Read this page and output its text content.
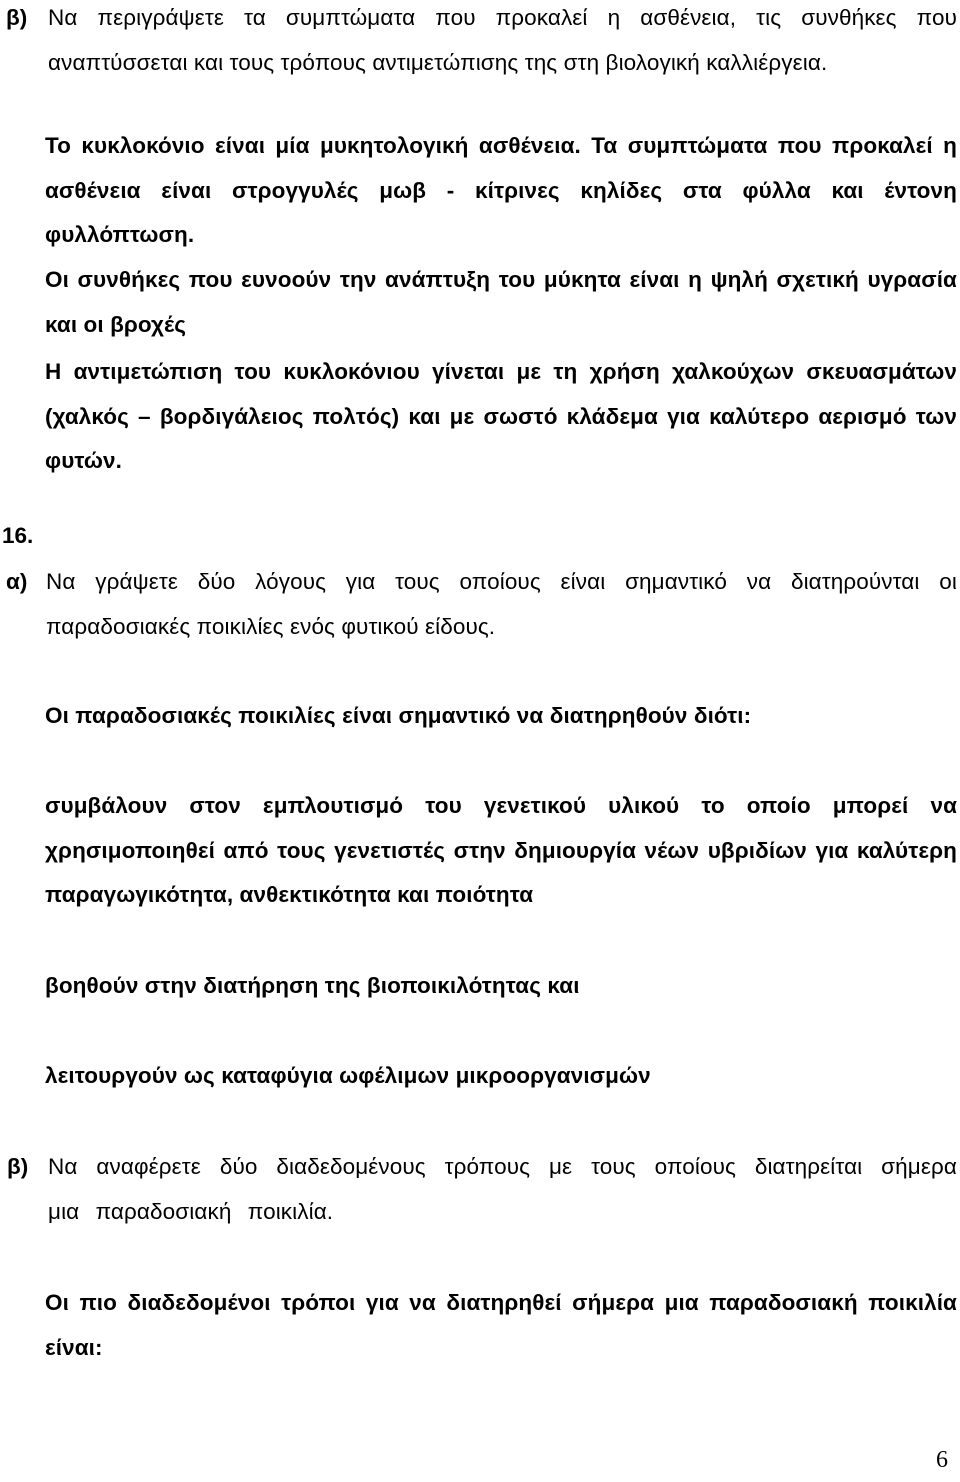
β) Να περιγράψετε τα συμπτώματα που προκαλεί η ασθένεια, τις συνθήκες που αναπτύσσεται και τους τρόπους αντιμετώπισης της στη βιολογική καλλιέργεια.
Το κυκλοκόνιο είναι μία μυκητολογική ασθένεια. Τα συμπτώματα που προκαλεί η ασθένεια είναι στρογγυλές μωβ - κίτρινες κηλίδες στα φύλλα και έντονη φυλλόπτωση.
Οι συνθήκες που ευνοούν την ανάπτυξη του μύκητα είναι η ψηλή σχετική υγρασία και οι βροχές
Η αντιμετώπιση του κυκλοκόνιου γίνεται με τη χρήση χαλκούχων σκευασμάτων (χαλκός – βορδιγάλειος πολτός) και με σωστό κλάδεμα για καλύτερο αερισμό των φυτών.
16.
α) Να γράψετε δύο λόγους για τους οποίους είναι σημαντικό να διατηρούνται οι παραδοσιακές ποικιλίες ενός φυτικού είδους.
Οι παραδοσιακές ποικιλίες είναι σημαντικό να διατηρηθούν διότι:
συμβάλουν στον εμπλουτισμό του γενετικού υλικού το οποίο μπορεί να χρησιμοποιηθεί από τους γενετιστές στην δημιουργία νέων υβριδίων για καλύτερη παραγωγικότητα, ανθεκτικότητα και ποιότητα
βοηθούν στην διατήρηση της βιοποικιλότητας και
λειτουργούν ως καταφύγια ωφέλιμων μικροοργανισμών
β) Να αναφέρετε δύο διαδεδομένους τρόπους με τους οποίους διατηρείται σήμερα μια παραδοσιακή ποικιλία.
Οι πιο διαδεδομένοι τρόποι για να διατηρηθεί σήμερα μια παραδοσιακή ποικιλία είναι:
6
